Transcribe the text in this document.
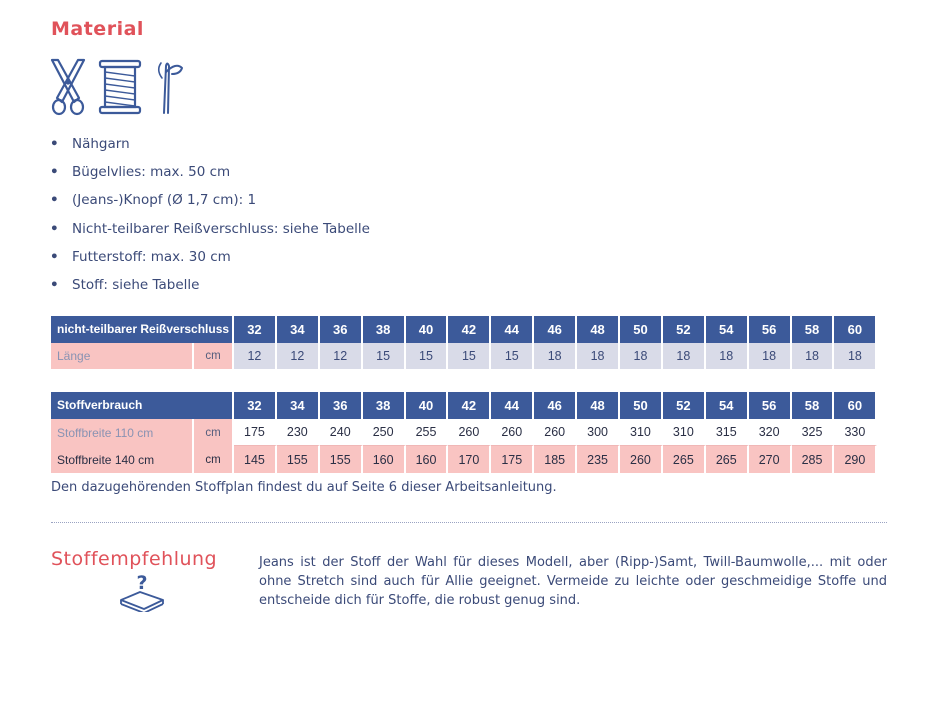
Material
• Nähgarn
• Bügelvlies: max. 50 cm
• (Jeans-)Knopf (Ø 1,7 cm): 1
• Nicht-teilbarer Reißverschluss: siehe Tabelle
• Futterstoff: max. 30 cm
• Stoff: siehe Tabelle
nicht-teilbarer Reißverschluss		32	34	36	38	40	42	44	46	48	50	52	54	56	58	60
Länge	cm	12	12	12	15	15	15	15	18	18	18	18	18	18	18	18
Stoffverbrauch		32	34	36	38	40	42	44	46	48	50	52	54	56	58	60
Stoffbreite 110 cm	cm	175	230	240	250	255	260	260	260	300	310	310	315	320	325	330
Stoffbreite 140 cm	cm	145	155	155	160	160	170	175	185	235	260	265	265	270	285	290
Den dazugehörenden Stoffplan findest du auf Seite 6 dieser Arbeitsanleitung.
Stoffempfehlung
?
Jeans ist der Stoff der Wahl für dieses Modell, aber (Ripp-)Samt, Twill-Baumwolle,... mit oder ohne Stretch sind auch für Allie geeignet. Vermeide zu leichte oder geschmeidige Stoffe und entscheide dich für Stoffe, die robust genug sind.
